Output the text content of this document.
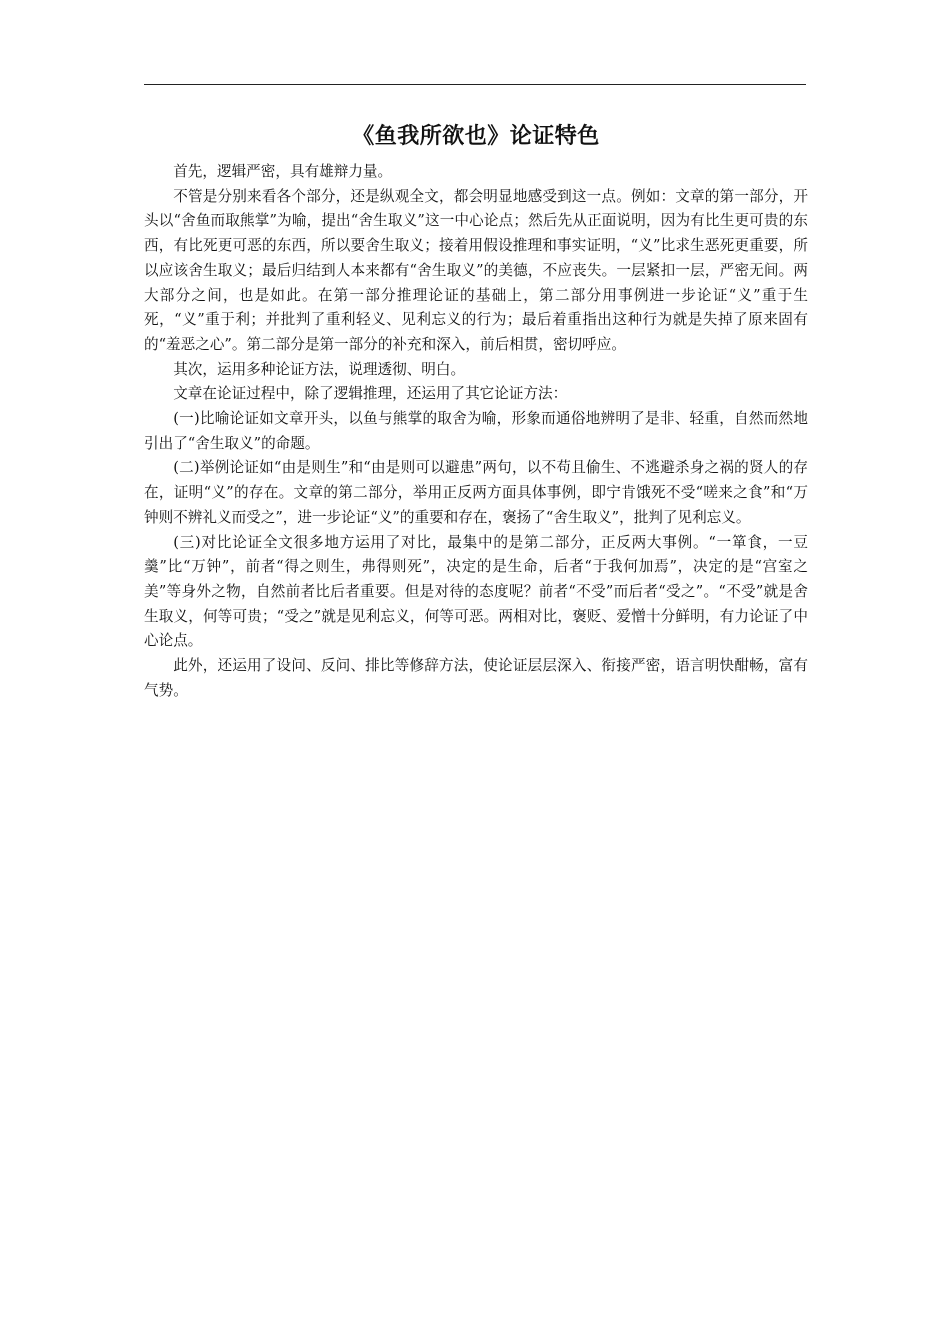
《鱼我所欲也》论证特色

首先，逻辑严密，具有雄辩力量。

不管是分别来看各个部分，还是纵观全文，都会明显地感受到这一点。例如：文章的第一部分，开头以“舍鱼而取熊掌”为喻，提出“舍生取义”这一中心论点；然后先从正面说明，因为有比生更可贵的东西，有比死更可恶的东西，所以要舍生取义；接着用假设推理和事实证明，“义”比求生恶死更重要，所以应该舍生取义；最后归结到人本来都有“舍生取义”的美德，不应丧失。一层紧扣一层，严密无间。两大部分之间，也是如此。在第一部分推理论证的基础上，第二部分用事例进一步论证“义”重于生死，“义”重于利；并批判了重利轻义、见利忘义的行为；最后着重指出这种行为就是失掉了原来固有的“羞恶之心”。第二部分是第一部分的补充和深入，前后相贯，密切呼应。

其次，运用多种论证方法，说理透彻、明白。

文章在论证过程中，除了逻辑推理，还运用了其它论证方法：

(一)比喻论证如文章开头，以鱼与熊掌的取舍为喻，形象而通俗地辨明了是非、轻重，自然而然地引出了“舍生取义”的命题。

(二)举例论证如“由是则生”和“由是则可以避患”两句，以不苟且偷生、不逃避杀身之祸的贤人的存在，证明“义”的存在。文章的第二部分，举用正反两方面具体事例，即宁肯饿死不受“嗟来之食”和“万钟则不辨礼义而受之”，进一步论证“义”的重要和存在，褒扬了“舍生取义”，批判了见利忘义。

(三)对比论证全文很多地方运用了对比，最集中的是第二部分，正反两大事例。“一箪食，一豆羹”比“万钟”，前者“得之则生，弗得则死”，决定的是生命，后者“于我何加焉”，决定的是“宫室之美”等身外之物，自然前者比后者重要。但是对待的态度呢？前者“不受”而后者“受之”。“不受”就是舍生取义，何等可贵；“受之”就是见利忘义，何等可恶。两相对比，褒贬、爱憎十分鲜明，有力论证了中心论点。

此外，还运用了设问、反问、排比等修辞方法，使论证层层深入、衔接严密，语言明快酣畅，富有气势。
